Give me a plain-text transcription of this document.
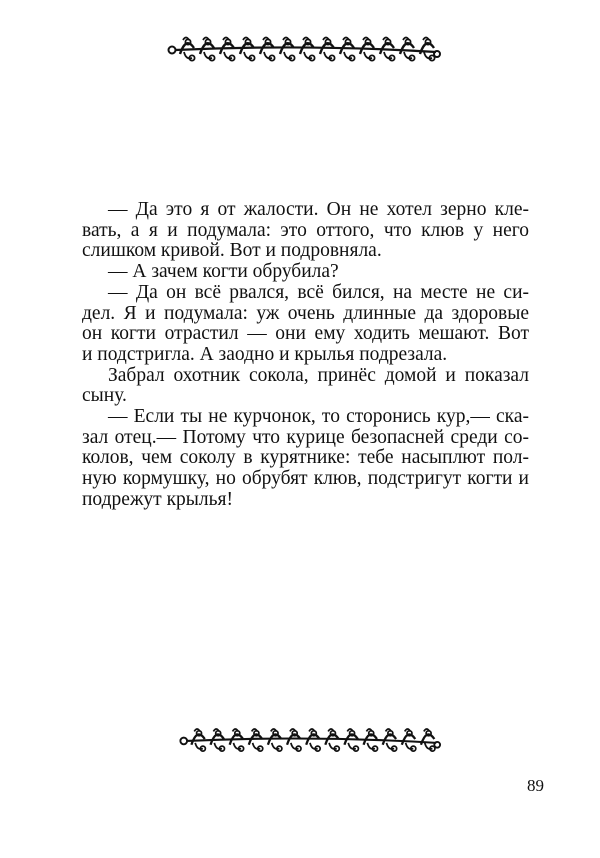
— Да это я от жалости. Он не хотел зерно кле-
вать, а я и подумала: это оттого, что клюв у него
слишком кривой. Вот и подровняла.
— А зачем когти обрубила?
— Да он всё рвался, всё бился, на месте не си-
дел. Я и подумала: уж очень длинные да здоровые
он когти отрастил — они ему ходить мешают. Вот
и подстригла. А заодно и крылья подрезала.
Забрал охотник сокола, принёс домой и показал
сыну.
— Если ты не курчонок, то сторонись кур,— ска-
зал отец.— Потому что курице безопасней среди со-
колов, чем соколу в курятнике: тебе насыплют пол-
ную кормушку, но обрубят клюв, подстригут когти и
подрежут крылья!
89
